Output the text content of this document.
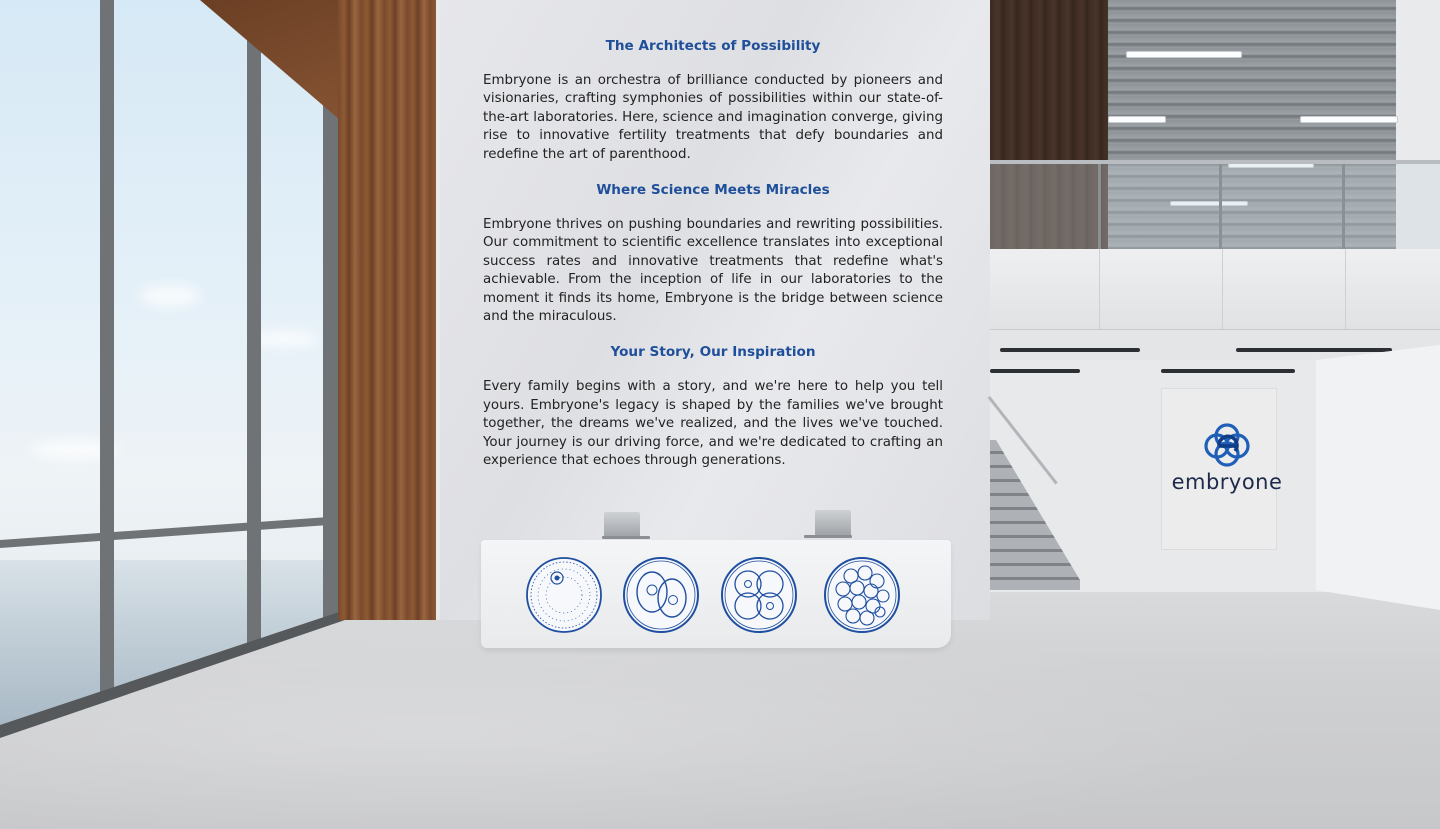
embryone
The Architects of Possibility

Embryone is an orchestra of brilliance conducted by pioneers and visionaries, crafting symphonies of possibilities within our state-of-the-art laboratories. Here, science and imagination converge, giving rise to innovative fertility treatments that defy boundaries and redefine the art of parenthood.

Where Science Meets Miracles

Embryone thrives on pushing boundaries and rewriting possibilities. Our commitment to scientific excellence translates into exceptional success rates and innovative treatments that redefine what's achievable. From the inception of life in our laboratories to the moment it finds its home, Embryone is the bridge between science and the miraculous.

Your Story, Our Inspiration

Every family begins with a story, and we're here to help you tell yours. Embryone's legacy is shaped by the families we've brought together, the dreams we've realized, and the lives we've touched. Your journey is our driving force, and we're dedicated to crafting an experience that echoes through generations.
